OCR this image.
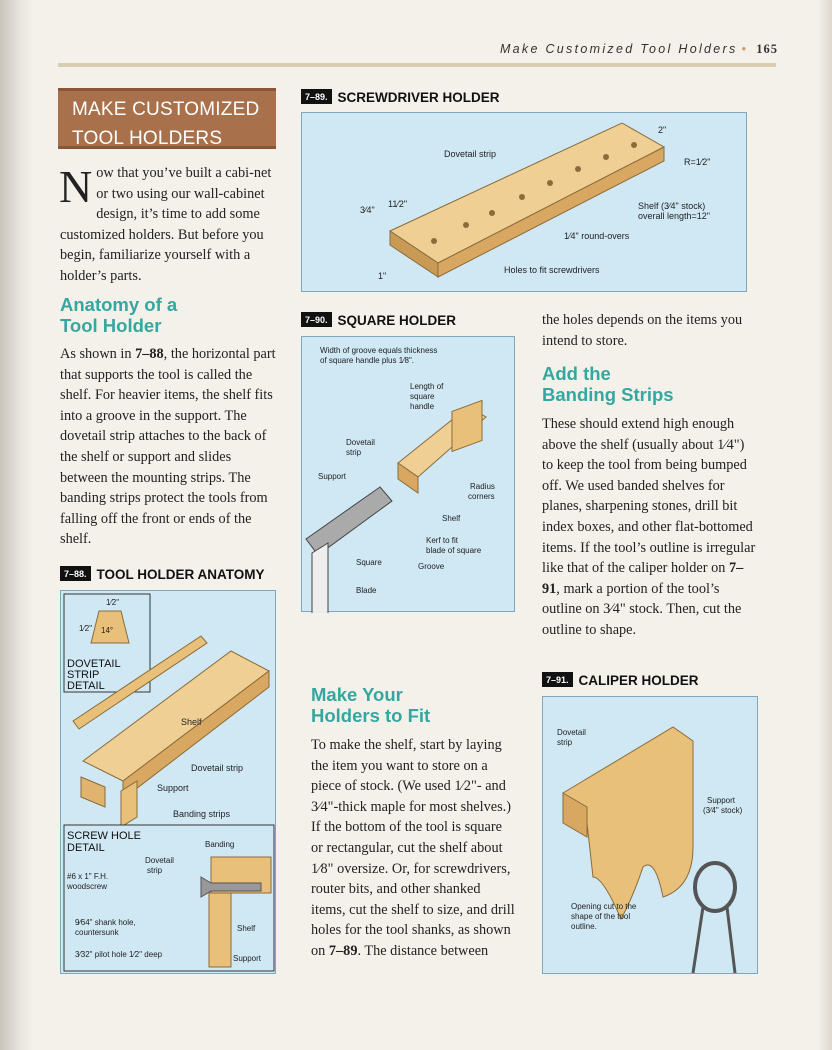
Make Customized Tool Holders • 165
MAKE CUSTOMIZED
TOOL HOLDERS
Now that you’ve built a cabi-net or two using our wall-cabinet design, it’s time to add some customized holders. But before you begin, familiarize yourself with a holder’s parts.
Anatomy of a
Tool Holder
As shown in 7–88, the horizontal part that supports the tool is called the shelf. For heavier items, the shelf fits into a groove in the support. The dovetail strip attaches to the back of the shelf or support and slides between the mounting strips. The banding strips protect the tools from falling off the front or ends of the shelf.
7–88. TOOL HOLDER ANATOMY
1⁄2"
1⁄2" 14°
DOVETAIL
STRIP
DETAIL
Shelf
Dovetail strip
Support
Banding strips
SCREW HOLE
DETAIL	Banding
Dovetail
strip
#6 x 1" F.H.
woodscrew
9⁄64" shank hole,
countersunk
3⁄32" pilot hole 1⁄2" deep
Shelf
Support
7–89. SCREWDRIVER HOLDER
Dovetail strip
2"
R=1⁄2"
11⁄2"
3⁄4"	Shelf (3⁄4" stock)
overall length=12"
1⁄4" round-overs
1"
Holes to fit screwdrivers
7–90. SQUARE HOLDER
Width of groove equals thickness
of square handle plus 1⁄8".
Length of
square
handle
Dovetail
strip
Support
Radius
corners
Shelf
Kerf to fit
blade of square
Square	Groove
Blade
Make Your
Holders to Fit
To make the shelf, start by laying the item you want to store on a piece of stock. (We used 1⁄2"- and 3⁄4"-thick maple for most shelves.) If the bottom of the tool is square or rectangular, cut the shelf about 1⁄8" oversize. Or, for screwdrivers, router bits, and other shanked items, cut the shelf to size, and drill holes for the tool shanks, as shown on 7–89. The distance between
the holes depends on the items you intend to store.
Add the
Banding Strips
These should extend high enough above the shelf (usually about 1⁄4") to keep the tool from being bumped off. We used banded shelves for planes, sharpening stones, drill bit index boxes, and other flat-bottomed items. If the tool’s outline is irregular like that of the caliper holder on 7–91, mark a portion of the tool’s outline on 3⁄4" stock. Then, cut the outline to shape.
7–91. CALIPER HOLDER
Dovetail
strip
Support
(3⁄4" stock)
Opening cut to the
shape of the tool
outline.
